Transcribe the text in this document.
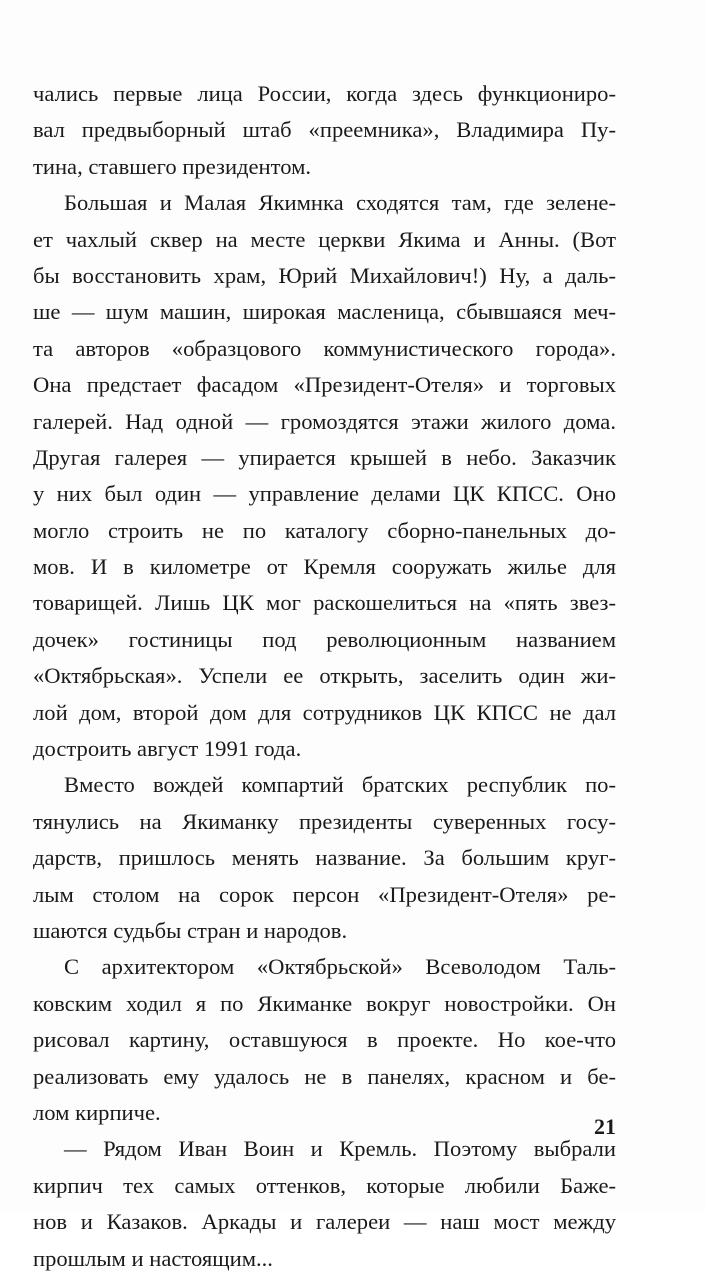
чались первые лица России, когда здесь функциониро-
вал предвыборный штаб «преемника», Владимира Пу-
тина, ставшего президентом.
Большая и Малая Якимнка сходятся там, где зелене-
ет чахлый сквер на месте церкви Якима и Анны. (Вот
бы восстановить храм, Юрий Михайлович!) Ну, а даль-
ше — шум машин, широкая масленица, сбывшаяся меч-
та авторов «образцового коммунистического города».
Она предстает фасадом «Президент-Отеля» и торговых
галерей. Над одной — громоздятся этажи жилого дома.
Другая галерея — упирается крышей в небо. Заказчик
у них был один — управление делами ЦК КПСС. Оно
могло строить не по каталогу сборно-панельных до-
мов. И в километре от Кремля сооружать жилье для
товарищей. Лишь ЦК мог раскошелиться на «пять звез-
дочек» гостиницы под революционным названием
«Октябрьская». Успели ее открыть, заселить один жи-
лой дом, второй дом для сотрудников ЦК КПСС не дал
достроить август 1991 года.
Вместо вождей компартий братских республик по-
тянулись на Якиманку президенты суверенных госу-
дарств, пришлось менять название. За большим круг-
лым столом на сорок персон «Президент-Отеля» ре-
шаются судьбы стран и народов.
С архитектором «Октябрьской» Всеволодом Таль-
ковским ходил я по Якиманке вокруг новостройки. Он
рисовал картину, оставшуюся в проекте. Но кое-что
реализовать ему удалось не в панелях, красном и бе-
лом кирпиче.
— Рядом Иван Воин и Кремль. Поэтому выбрали
кирпич тех самых оттенков, которые любили Баже-
нов и Казаков. Аркады и галереи — наш мост между
прошлым и настоящим...
21
